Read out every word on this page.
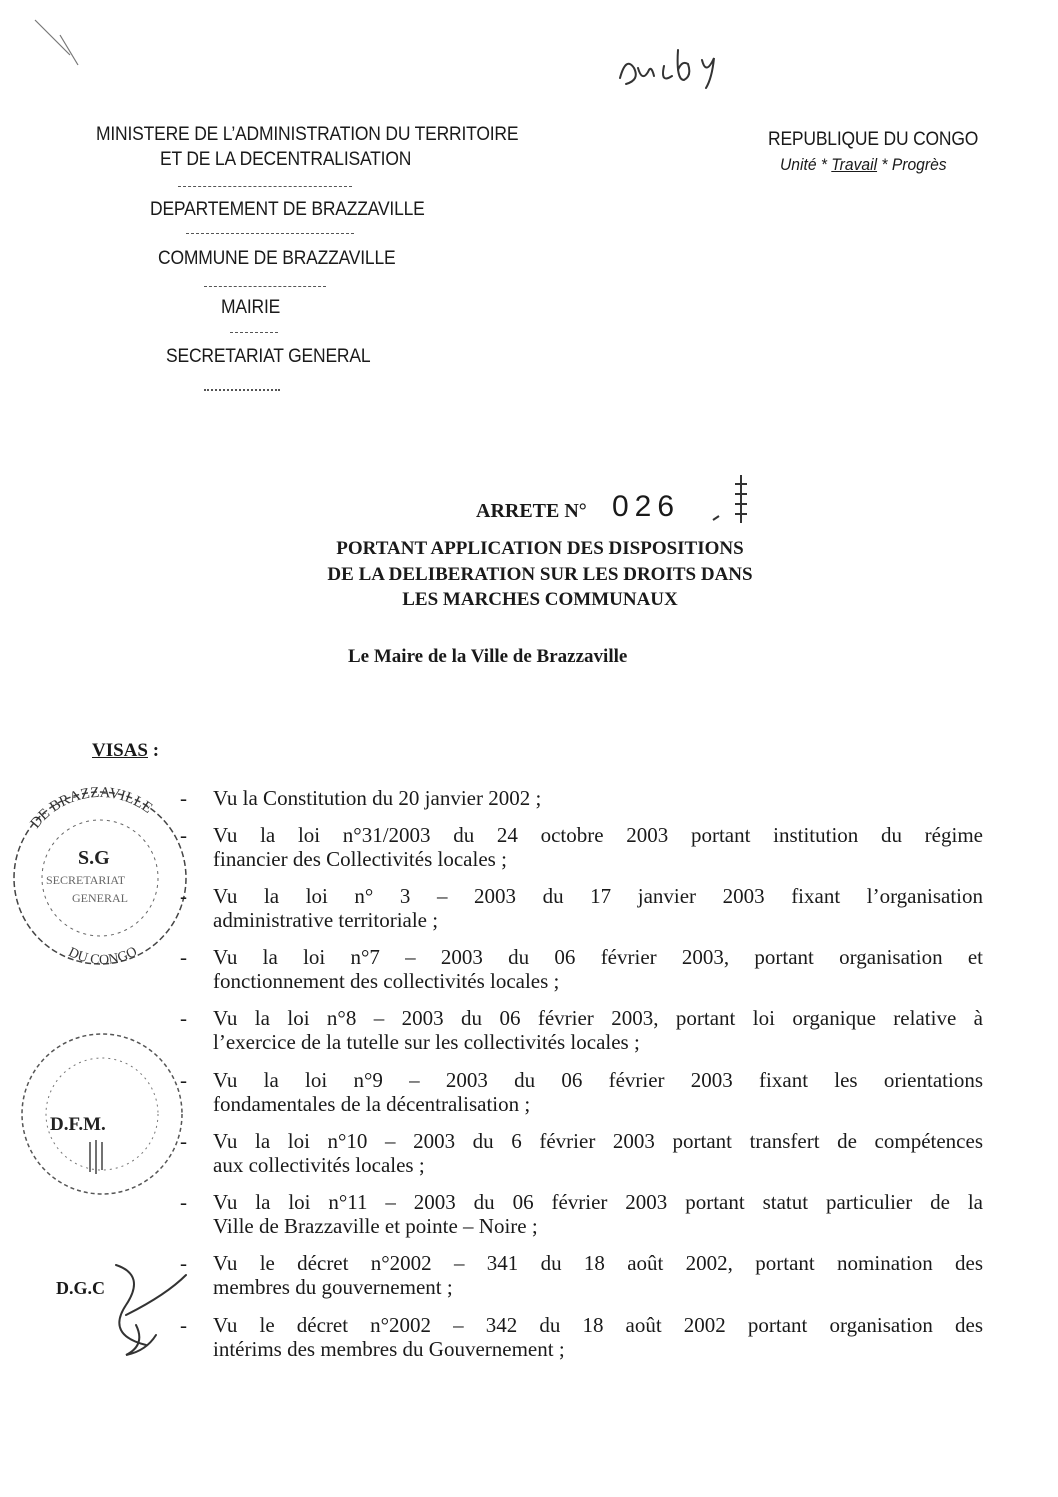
Du ct
MINISTERE DE L’ADMINISTRATION DU TERRITOIRE
ET DE LA DECENTRALISATION
DEPARTEMENT DE BRAZZAVILLE
COMMUNE DE BRAZZAVILLE
MAIRIE
SECRETARIAT GENERAL
REPUBLIQUE DU CONGO
Unité * Travail * Progrès
ARRETE N° 026
PORTANT APPLICATION DES DISPOSITIONS
DE LA DELIBERATION SUR LES DROITS DANS
LES MARCHES COMMUNAUX
Le Maire de la Ville de Brazzaville
VISAS :
DE BRAZZAVILLE
DU CONGO
S.G
SECRETARIAT
GENERAL
D.F.M.
D.G.C
- Vu la Constitution du 20 janvier 2002 ;
- Vu la loi n°31/2003 du 24 octobre 2003 portant institution du régime
financier des Collectivités locales ;
- Vu la loi n° 3 – 2003 du 17 janvier 2003 fixant l’organisation
administrative territoriale ;
- Vu la loi n°7 – 2003 du 06 février 2003, portant organisation et
fonctionnement des collectivités locales ;
- Vu la loi n°8 – 2003 du 06 février 2003, portant loi organique relative à
l’exercice de la tutelle sur les collectivités locales ;
- Vu la loi n°9 – 2003 du 06 février 2003 fixant les orientations
fondamentales de la décentralisation ;
- Vu la loi n°10 – 2003 du 6 février 2003 portant transfert de compétences
aux collectivités locales ;
- Vu la loi n°11 – 2003 du 06 février 2003 portant statut particulier de la
Ville de Brazzaville et pointe – Noire ;
- Vu le décret n°2002 – 341 du 18 août 2002, portant nomination des
membres du gouvernement ;
- Vu le décret n°2002 – 342 du 18 août 2002 portant organisation des
intérims des membres du Gouvernement ;
